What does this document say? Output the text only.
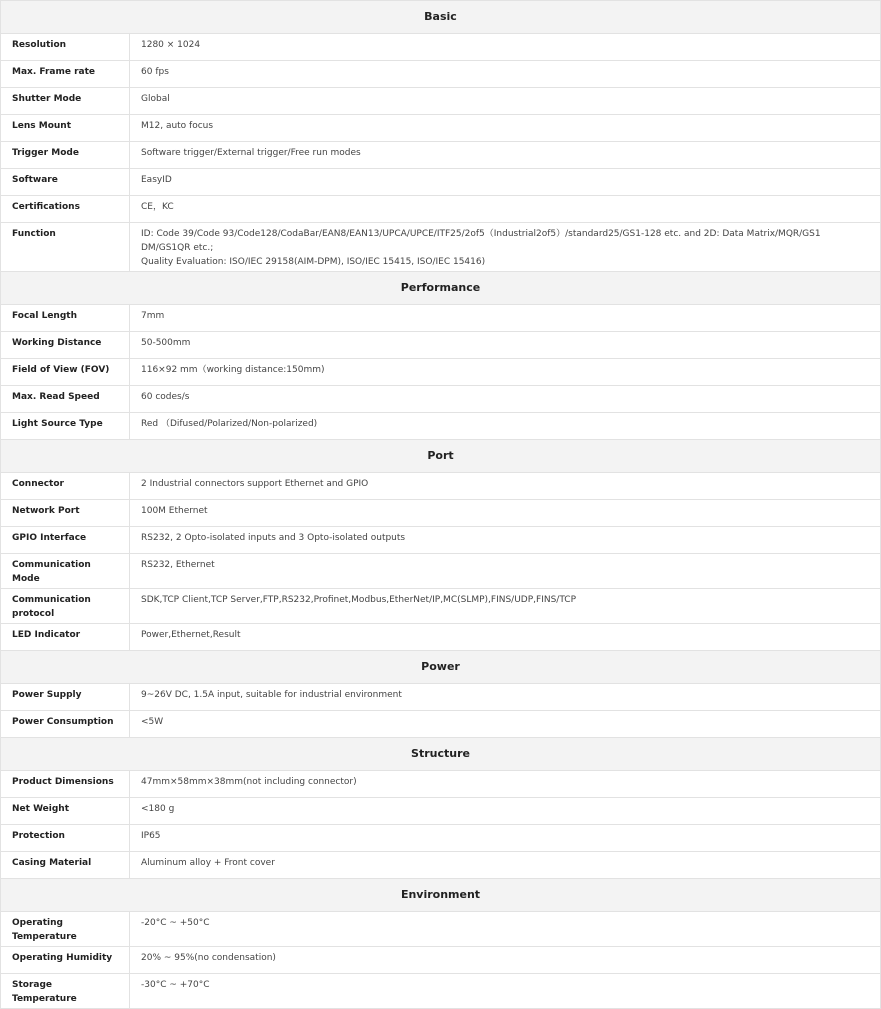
Basic	
Resolution	1280 × 1024

Max. Frame rate	60 fps

Shutter Mode	Global

Lens Mount	M12, auto focus

Trigger Mode	Software trigger/External trigger/Free run modes

Software	EasyID

Certifications	CE，KC

Function	ID: Code 39/Code 93/Code128/CodaBar/EAN8/EAN13/UPCA/UPCE/ITF25/2of5（Industrial2of5）/standard25/GS1-128 etc. and 2D: Data Matrix/MQR/GS1 DM/GS1QR etc.;
Quality Evaluation: ISO/IEC 29158(AIM-DPM), ISO/IEC 15415, ISO/IEC 15416)

Performance	
Focal Length	7mm

Working Distance	50-500mm

Field of View (FOV)	116×92 mm（working distance:150mm)

Max. Read Speed	60 codes/s

Light Source Type	Red （Difused/Polarized/Non-polarized)

Port	
Connector	2 Industrial connectors support Ethernet and GPIO

Network Port	100M Ethernet

GPIO Interface	RS232, 2 Opto-isolated inputs and 3 Opto-isolated outputs

Communication Mode	RS232, Ethernet

Communication protocol	SDK,TCP Client,TCP Server,FTP,RS232,Profinet,Modbus,EtherNet/IP,MC(SLMP),FINS/UDP,FINS/TCP

LED Indicator	Power,Ethernet,Result

Power	
Power Supply	9~26V DC, 1.5A input, suitable for industrial environment

Power Consumption	<5W

Structure	
Product Dimensions	47mm×58mm×38mm(not including connector)

Net Weight	<180 g

Protection	IP65

Casing Material	Aluminum alloy + Front cover

Environment	
Operating Temperature	-20°C ~ +50°C

Operating Humidity	20% ~ 95%(no condensation)

Storage Temperature	-30°C ~ +70°C
